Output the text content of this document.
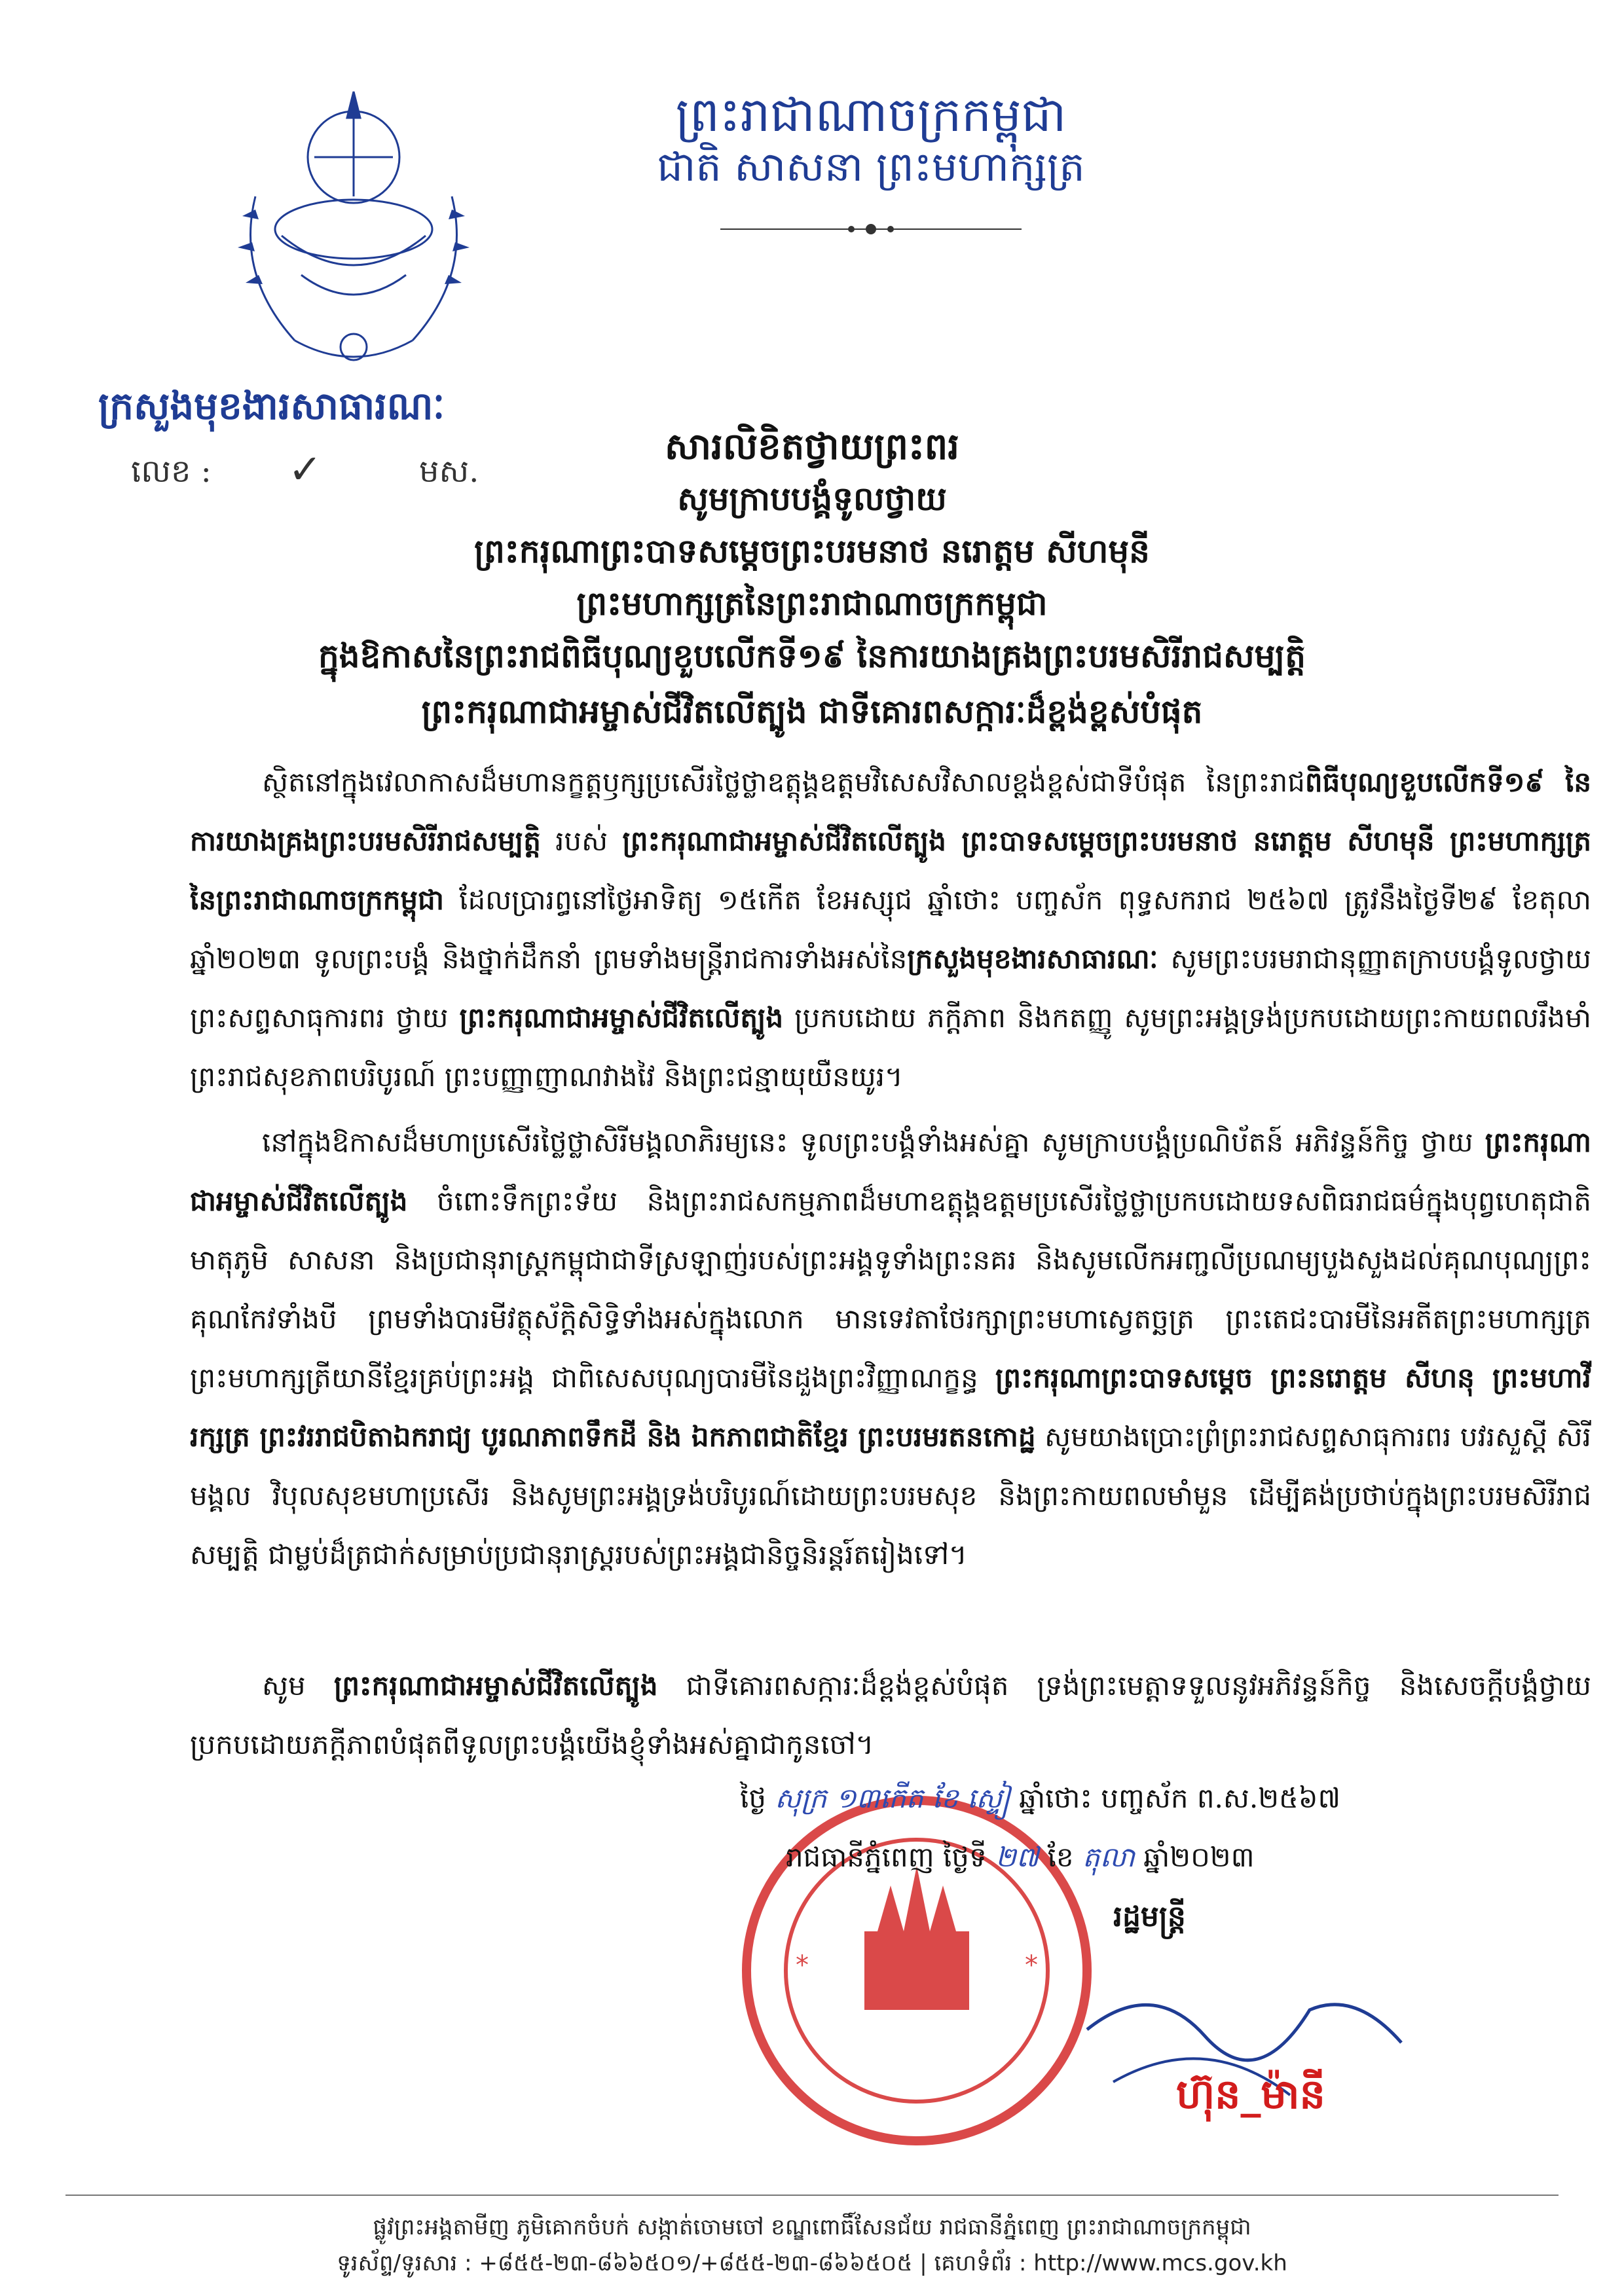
ព្រះរាជាណាចក្រកម្ពុជា
ជាតិ សាសនា ព្រះមហាក្សត្រ
ក្រសួងមុខងារសាធារណៈ
លេខ : ✓	មស.
សារលិខិតថ្វាយព្រះពរ
សូមក្រាបបង្គំទូលថ្វាយ
ព្រះករុណាព្រះបាទសម្តេចព្រះបរមនាថ នរោត្តម សីហមុនី
ព្រះមហាក្សត្រនៃព្រះរាជាណាចក្រកម្ពុជា
ក្នុងឱកាសនៃព្រះរាជពិធីបុណ្យខួបលើកទី១៩ នៃការយាងគ្រងព្រះបរមសិរីរាជសម្បត្តិ
ព្រះករុណាជាអម្ចាស់ជីវិតលើត្បូង ជាទីគោរពសក្ការៈដ៏ខ្ពង់ខ្ពស់បំផុត

ស្ថិតនៅក្នុងវេលាកាសដ៏មហានក្ខត្តឫក្សប្រសើរថ្លៃថ្លាឧត្តុង្គឧត្តមវិសេសវិសាលខ្ពង់ខ្ពស់ជាទីបំផុត នៃព្រះរាជពិធីបុណ្យខួបលើកទី១៩ នៃការយាងគ្រងព្រះបរមសិរីរាជសម្បត្តិ របស់ ព្រះករុណាជាអម្ចាស់ជីវិតលើត្បូង ព្រះបាទសម្តេចព្រះបរមនាថ នរោត្តម សីហមុនី ព្រះមហាក្សត្រ នៃព្រះរាជាណាចក្រកម្ពុជា ដែលប្រារព្ធនៅថ្ងៃអាទិត្យ ១៥កើត ខែអស្សុជ ឆ្នាំថោះ បញ្ចស័ក ពុទ្ធសករាជ ២៥៦៧ ត្រូវនឹងថ្ងៃទី២៩ ខែតុលា ឆ្នាំ២០២៣ ទូលព្រះបង្គំ និងថ្នាក់ដឹកនាំ ព្រមទាំងមន្ត្រីរាជការទាំងអស់នៃក្រសួងមុខងារសាធារណៈ សូមព្រះបរមរាជានុញ្ញាតក្រាបបង្គំទូលថ្វាយព្រះសព្ទសាធុការពរ ថ្វាយ ព្រះករុណាជាអម្ចាស់ជីវិតលើត្បូង ប្រកបដោយ ភក្តីភាព និងកតញ្ញូ សូមព្រះអង្គទ្រង់ប្រកបដោយព្រះកាយពលរឹងមាំ ព្រះរាជសុខភាពបរិបូរណ៍ ព្រះបញ្ញាញាណវាងវៃ និងព្រះជន្មាយុយឺនយូរ។

នៅក្នុងឱកាសដ៏មហាប្រសើរថ្លៃថ្លាសិរីមង្គលាភិរម្យនេះ ទូលព្រះបង្គំទាំងអស់គ្នា សូមក្រាបបង្គំប្រណិប័តន៍ អភិវន្ទន៍កិច្ច ថ្វាយ ព្រះករុណាជាអម្ចាស់ជីវិតលើត្បូង ចំពោះទឹកព្រះទ័យ និងព្រះរាជសកម្មភាពដ៏មហាឧត្តុង្គឧត្តមប្រសើរថ្លៃថ្លាប្រកបដោយទសពិធរាជធម៌ក្នុងបុព្វហេតុជាតិមាតុភូមិ សាសនា និងប្រជានុរាស្ត្រកម្ពុជាជាទីស្រឡាញ់របស់ព្រះអង្គទូទាំងព្រះនគរ និងសូមលើកអញ្ជលីប្រណម្យបួងសួងដល់គុណបុណ្យព្រះគុណកែវទាំងបី ព្រមទាំងបារមីវត្ថុស័ក្តិសិទ្ធិទាំងអស់ក្នុងលោក មានទេវតាថែរក្សាព្រះមហាស្វេតច្ឆត្រ ព្រះតេជះបារមីនៃអតីតព្រះមហាក្សត្រ ព្រះមហាក្សត្រីយានីខ្មែរគ្រប់ព្រះអង្គ ជាពិសេសបុណ្យបារមីនៃដួងព្រះវិញ្ញាណក្ខន្ធ ព្រះករុណាព្រះបាទសម្តេច ព្រះនរោត្តម សីហនុ ព្រះមហាវីរក្សត្រ ព្រះវររាជបិតាឯករាជ្យ បូរណភាពទឹកដី និង ឯកភាពជាតិខ្មែរ ព្រះបរមរតនកោដ្ឋ សូមយាងប្រោះព្រំព្រះរាជសព្ទសាធុការពរ បវរសួស្តី សិរីមង្គល វិបុលសុខមហាប្រសើរ និងសូមព្រះអង្គទ្រង់បរិបូរណ៍ដោយព្រះបរមសុខ និងព្រះកាយពលមាំមួន ដើម្បីគង់ប្រថាប់ក្នុងព្រះបរមសិរីរាជសម្បត្តិ ជាម្លប់ដ៏ត្រជាក់សម្រាប់ប្រជានុរាស្ត្ររបស់ព្រះអង្គជានិច្ចនិរន្តរ៍តរៀងទៅ។

សូម ព្រះករុណាជាអម្ចាស់ជីវិតលើត្បូង ជាទីគោរពសក្ការៈដ៏ខ្ពង់ខ្ពស់បំផុត ទ្រង់ព្រះមេត្តាទទួលនូវអភិវន្ទន៍កិច្ច និងសេចក្តីបង្គំថ្វាយប្រកបដោយភក្តីភាពបំផុតពីទូលព្រះបង្គំយើងខ្ញុំទាំងអស់គ្នាជាកូនចៅ។

*	*
ថ្ងៃ សុក្រ ១៣កើត ខែ ស្ទៀ ឆ្នាំថោះ បញ្ចស័ក ព.ស.២៥៦៧
រាជធានីភ្នំពេញ ថ្ងៃទី ២៧ ខែ តុលា ឆ្នាំ២០២៣
រដ្ឋមន្ត្រី
ហ៊ុន_ម៉ានី
ផ្លូវព្រះអង្គតាមីញ ភូមិគោកចំបក់ សង្កាត់ចោមចៅ ខណ្ឌពោធិ៍សែនជ័យ រាជធានីភ្នំពេញ ព្រះរាជាណាចក្រកម្ពុជា
ទូរស័ព្ទ/ទូរសារ : +៨៥៥-២៣-៨៦៦៥០១/+៨៥៥-២៣-៨៦៦៥០៥ | គេហទំព័រ : http://www.mcs.gov.kh
